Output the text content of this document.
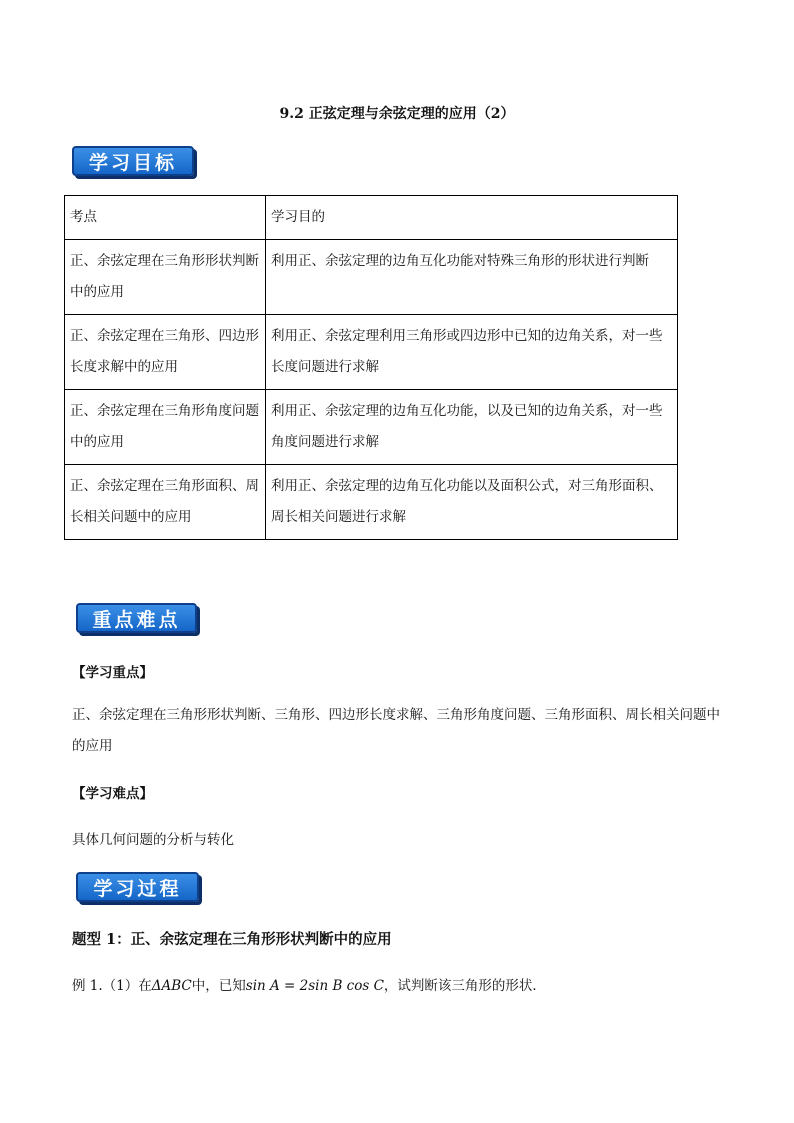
9.2 正弦定理与余弦定理的应用（2）
学习目标
考点	学习目的
正、余弦定理在三角形形状判断中的应用	利用正、余弦定理的边角互化功能对特殊三角形的形状进行判断
正、余弦定理在三角形、四边形长度求解中的应用	利用正、余弦定理利用三角形或四边形中已知的边角关系，对一些长度问题进行求解
正、余弦定理在三角形角度问题中的应用	利用正、余弦定理的边角互化功能，以及已知的边角关系，对一些角度问题进行求解
正、余弦定理在三角形面积、周长相关问题中的应用	利用正、余弦定理的边角互化功能以及面积公式，对三角形面积、周长相关问题进行求解
重点难点
【学习重点】
正、余弦定理在三角形形状判断、三角形、四边形长度求解、三角形角度问题、三角形面积、周长相关问题中的应用
【学习难点】
具体几何问题的分析与转化
学习过程
题型 1：正、余弦定理在三角形形状判断中的应用
例 1.（1）在ΔABC中，已知sin A = 2sin B cos C，试判断该三角形的形状．
